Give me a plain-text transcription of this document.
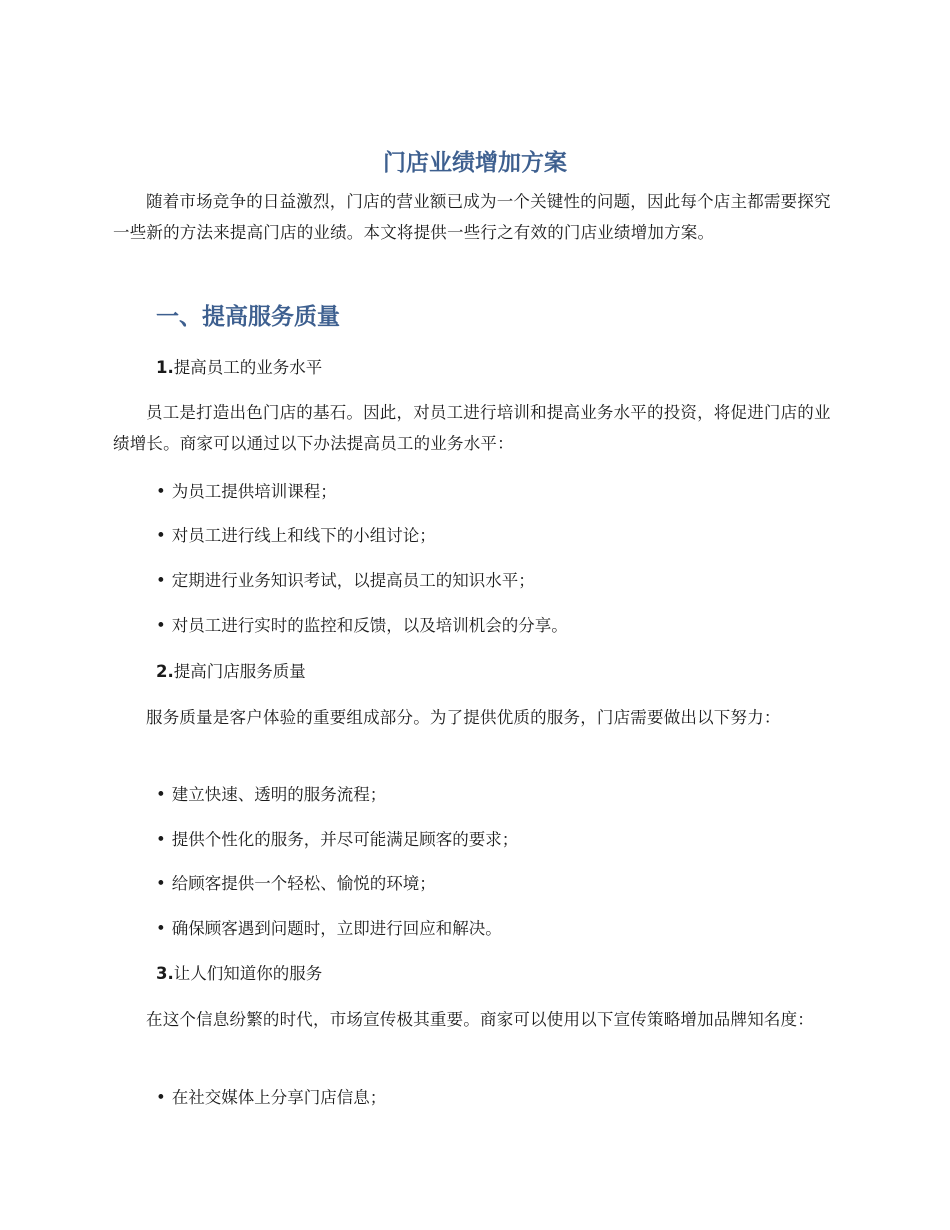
门店业绩增加方案

随着市场竞争的日益激烈，门店的营业额已成为一个关键性的问题，因此每个店主都需要探究一些新的方法来提高门店的业绩。本文将提供一些行之有效的门店业绩增加方案。

一、提高服务质量

1.提高员工的业务水平

员工是打造出色门店的基石。因此，对员工进行培训和提高业务水平的投资，将促进门店的业绩增长。商家可以通过以下办法提高员工的业务水平：

• 为员工提供培训课程；

• 对员工进行线上和线下的小组讨论；

• 定期进行业务知识考试，以提高员工的知识水平；

• 对员工进行实时的监控和反馈，以及培训机会的分享。

2.提高门店服务质量

服务质量是客户体验的重要组成部分。为了提供优质的服务，门店需要做出以下努力：

• 建立快速、透明的服务流程；

• 提供个性化的服务，并尽可能满足顾客的要求；

• 给顾客提供一个轻松、愉悦的环境；

• 确保顾客遇到问题时，立即进行回应和解决。

3.让人们知道你的服务

在这个信息纷繁的时代，市场宣传极其重要。商家可以使用以下宣传策略增加品牌知名度：

• 在社交媒体上分享门店信息；
